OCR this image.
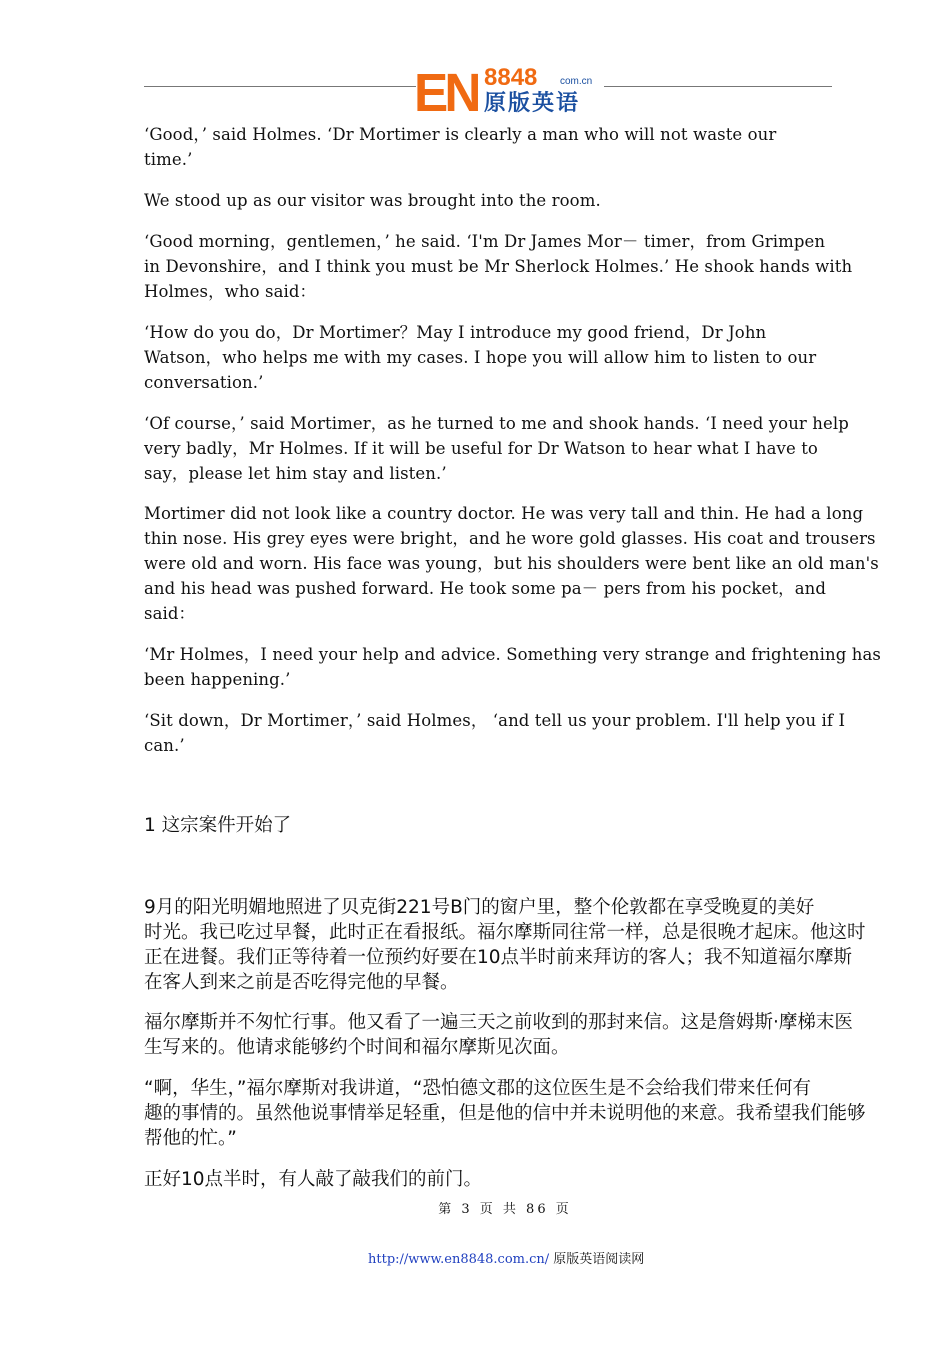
EN 8848 com.cn
原版英语
‘Good，’ said Holmes. ‘Dr Mortimer is clearly a man who will not waste our
time.’
We stood up as our visitor was brought into the room.
‘Good morning，gentlemen，’ he said. ‘I'm Dr James Mor－ timer，from Grimpen
in Devonshire，and I think you must be Mr Sherlock Holmes.’ He shook hands with
Holmes，who said：
‘How do you do，Dr Mortimer？May I introduce my good friend，Dr John
Watson，who helps me with my cases. I hope you will allow him to listen to our
conversation.’
‘Of course，’ said Mortimer，as he turned to me and shook hands. ‘I need your help
very badly，Mr Holmes. If it will be useful for Dr Watson to hear what I have to
say，please let him stay and listen.’
Mortimer did not look like a country doctor. He was very tall and thin. He had a long
thin nose. His grey eyes were bright，and he wore gold glasses. His coat and trousers
were old and worn. His face was young，but his shoulders were bent like an old man's
and his head was pushed forward. He took some pa－ pers from his pocket，and
said：
‘Mr Holmes，I need your help and advice. Something very strange and frightening has
been happening.’
‘Sit down，Dr Mortimer，’ said Holmes， ‘and tell us your problem. I'll help you if I
can.’
1 这宗案件开始了
9月的阳光明媚地照进了贝克街221号B门的窗户里，整个伦敦都在享受晚夏的美好
时光。我已吃过早餐，此时正在看报纸。福尔摩斯同往常一样，总是很晚才起床。他这时
正在进餐。我们正等待着一位预约好要在10点半时前来拜访的客人；我不知道福尔摩斯
在客人到来之前是否吃得完他的早餐。
福尔摩斯并不匆忙行事。他又看了一遍三天之前收到的那封来信。这是詹姆斯·摩梯末医
生写来的。他请求能够约个时间和福尔摩斯见次面。
“啊，华生，”福尔摩斯对我讲道，“恐怕德文郡的这位医生是不会给我们带来任何有
趣的事情的。虽然他说事情举足轻重，但是他的信中并未说明他的来意。我希望我们能够
帮他的忙。”
正好10点半时，有人敲了敲我们的前门。
第 3 页 共 86 页
http://www.en8848.com.cn/ 原版英语阅读网
